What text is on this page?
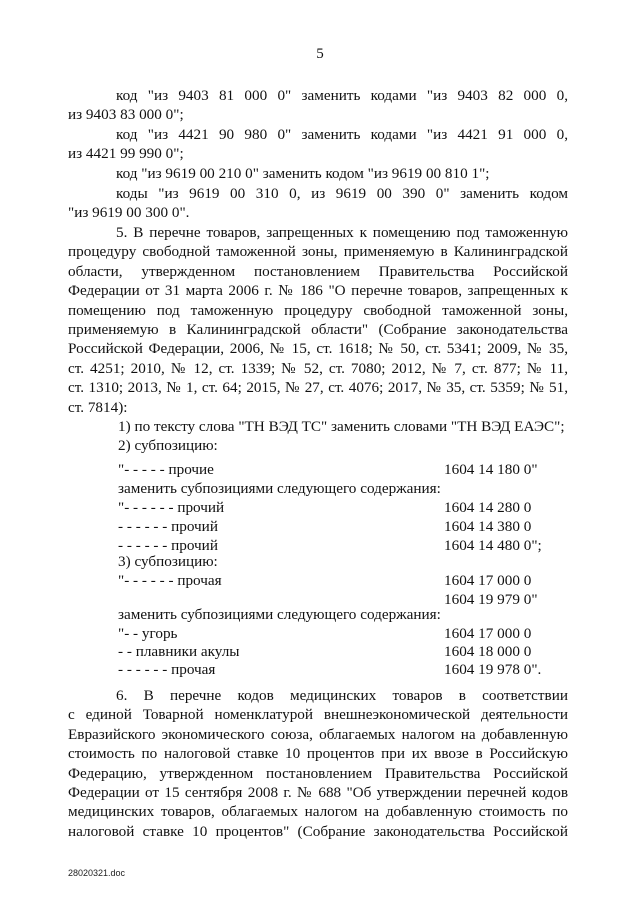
5
код "из 9403 81 000 0" заменить кодами "из 9403 82 000 0,
из 9403 83 000 0";
код "из 4421 90 980 0" заменить кодами "из 4421 91 000 0,
из 4421 99 990 0";
код "из 9619 00 210 0" заменить кодом "из 9619 00 810 1";
коды "из 9619 00 310 0, из 9619 00 390 0" заменить кодом
"из 9619 00 300 0".
5. В перечне товаров, запрещенных к помещению под таможенную
процедуру свободной таможенной зоны, применяемую в Калининградской
области, утвержденном постановлением Правительства Российской
Федерации от 31 марта 2006 г. № 186 "О перечне товаров, запрещенных к
помещению под таможенную процедуру свободной таможенной зоны,
применяемую в Калининградской области" (Собрание законодательства
Российской Федерации, 2006, № 15, ст. 1618; № 50, ст. 5341; 2009, № 35,
ст. 4251; 2010, № 12, ст. 1339; № 52, ст. 7080; 2012, № 7, ст. 877; № 11,
ст. 1310; 2013, № 1, ст. 64; 2015, № 27, ст. 4076; 2017, № 35, ст. 5359; № 51,
ст. 7814):
1) по тексту слова "ТН ВЭД ТС" заменить словами "ТН ВЭД ЕАЭС";
2) субпозицию:
"- - - - - прочие	1604 14 180 0"
заменить субпозициями следующего содержания:
"- - - - - - прочий	1604 14 280 0
- - - - - - прочий	1604 14 380 0
- - - - - - прочий	1604 14 480 0";
3) субпозицию:
"- - - - - - прочая	1604 17 000 0
1604 19 979 0"
заменить субпозициями следующего содержания:
"- - угорь	1604 17 000 0
- - плавники акулы	1604 18 000 0
- - - - - - прочая	1604 19 978 0".
6. В перечне кодов медицинских товаров в соответствии
с единой Товарной номенклатурой внешнеэкономической деятельности
Евразийского экономического союза, облагаемых налогом на добавленную
стоимость по налоговой ставке 10 процентов при их ввозе в Российскую
Федерацию, утвержденном постановлением Правительства Российской
Федерации от 15 сентября 2008 г. № 688 "Об утверждении перечней кодов
медицинских товаров, облагаемых налогом на добавленную стоимость по
налоговой ставке 10 процентов" (Собрание законодательства Российской
28020321.doc
